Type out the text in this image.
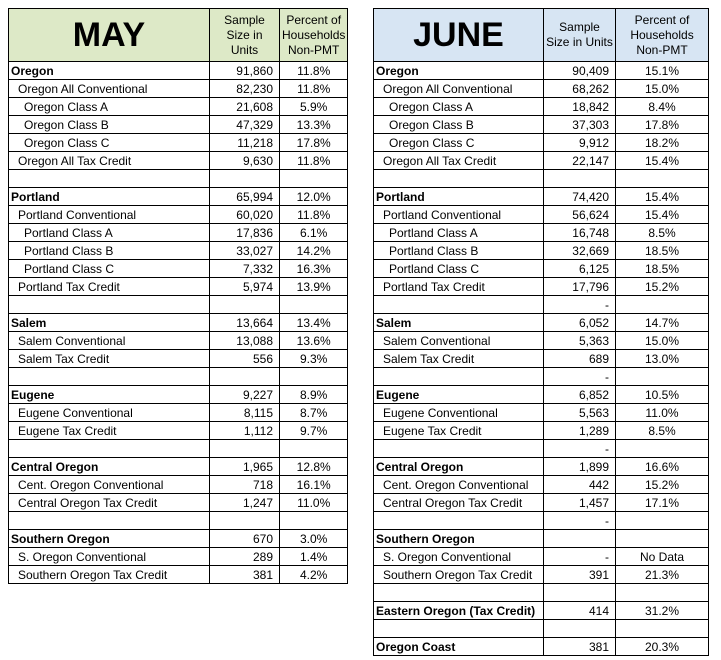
MAY	Sample Size in Units	Percent of Households Non-PMT
Oregon	91,860	11.8%
Oregon All Conventional	82,230	11.8%
Oregon Class A	21,608	5.9%
Oregon Class B	47,329	13.3%
Oregon Class C	11,218	17.8%
Oregon All Tax Credit	9,630	11.8%

Portland	65,994	12.0%
Portland Conventional	60,020	11.8%
Portland Class A	17,836	6.1%
Portland Class B	33,027	14.2%
Portland Class C	7,332	16.3%
Portland Tax Credit	5,974	13.9%

Salem	13,664	13.4%
Salem Conventional	13,088	13.6%
Salem Tax Credit	556	9.3%

Eugene	9,227	8.9%
Eugene Conventional	8,115	8.7%
Eugene Tax Credit	1,112	9.7%

Central Oregon	1,965	12.8%
Cent. Oregon Conventional	718	16.1%
Central Oregon Tax Credit	1,247	11.0%

Southern Oregon	670	3.0%
S. Oregon Conventional	289	1.4%
Southern Oregon Tax Credit	381	4.2%
JUNE	Sample Size in Units	Percent of Households Non-PMT
Oregon	90,409	15.1%
Oregon All Conventional	68,262	15.0%
Oregon Class A	18,842	8.4%
Oregon Class B	37,303	17.8%
Oregon Class C	9,912	18.2%
Oregon All Tax Credit	22,147	15.4%

Portland	74,420	15.4%
Portland Conventional	56,624	15.4%
Portland Class A	16,748	8.5%
Portland Class B	32,669	18.5%
Portland Class C	6,125	18.5%
Portland Tax Credit	17,796	15.2%
	-	
Salem	6,052	14.7%
Salem Conventional	5,363	15.0%
Salem Tax Credit	689	13.0%
	-	
Eugene	6,852	10.5%
Eugene Conventional	5,563	11.0%
Eugene Tax Credit	1,289	8.5%
	-	
Central Oregon	1,899	16.6%
Cent. Oregon Conventional	442	15.2%
Central Oregon Tax Credit	1,457	17.1%
	-	
Southern Oregon		
S. Oregon Conventional	-	No Data
Southern Oregon Tax Credit	391	21.3%

Eastern Oregon (Tax Credit)	414	31.2%

Oregon Coast	381	20.3%
